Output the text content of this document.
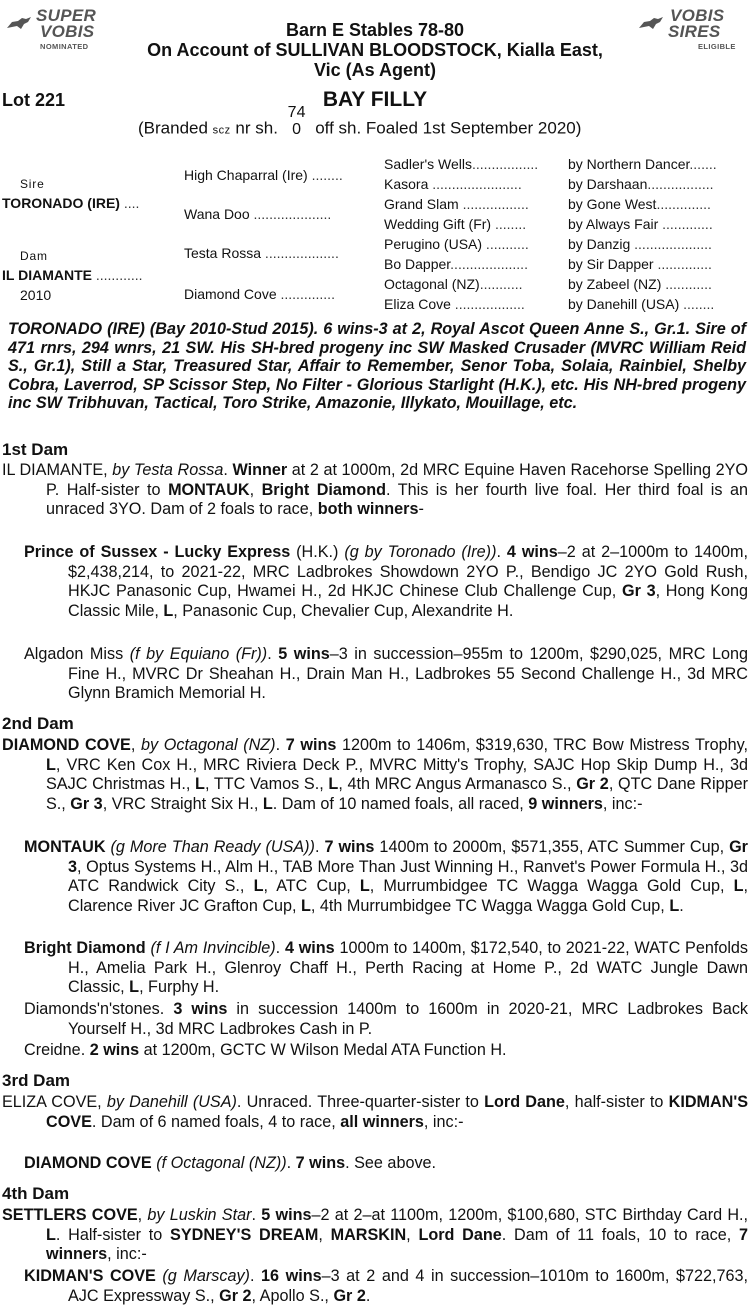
SUPER
VOBIS
NOMINATED
VOBIS
SIRES
ELIGIBLE
Barn E Stables 78-80
On Account of SULLIVAN BLOODSTOCK, Kialla East,
Vic (As Agent)
Lot 221	BAY FILLY
(Branded scz nr sh.
74
0 off sh. Foaled 1st September 2020)
Sire
TORONADO (IRE) ....
Dam
IL DIAMANTE ............
2010
High Chaparral (Ire) ........
Wana Doo ....................
Testa Rossa ...................
Diamond Cove ..............
Sadler's Wells.................
Kasora .......................
Grand Slam .................
Wedding Gift (Fr) ........
Perugino (USA) ...........
Bo Dapper....................
Octagonal (NZ)...........
Eliza Cove ..................
by Northern Dancer.......
by Darshaan.................
by Gone West..............
by Always Fair .............
by Danzig ....................
by Sir Dapper ..............
by Zabeel (NZ) ............
by Danehill (USA) ........
TORONADO (IRE) (Bay 2010-Stud 2015). 6 wins-3 at 2, Royal Ascot Queen Anne S., Gr.1. Sire of 471 rnrs, 294 wnrs, 21 SW. His SH-bred progeny inc SW Masked Crusader (MVRC William Reid S., Gr.1), Still a Star, Treasured Star, Affair to Remember, Senor Toba, Solaia, Rainbiel, Shelby Cobra, Laverrod, SP Scissor Step, No Filter - Glorious Starlight (H.K.), etc. His NH-bred progeny inc SW Tribhuvan, Tactical, Toro Strike, Amazonie, Illykato, Mouillage, etc.
1st Dam
IL DIAMANTE, by Testa Rossa. Winner at 2 at 1000m, 2d MRC Equine Haven Racehorse Spelling 2YO P. Half-sister to MONTAUK, Bright Diamond. This is her fourth live foal. Her third foal is an unraced 3YO. Dam of 2 foals to race, both winners-
Prince of Sussex - Lucky Express (H.K.) (g by Toronado (Ire)). 4 wins–2 at 2–1000m to 1400m, $2,438,214, to 2021-22, MRC Ladbrokes Showdown 2YO P., Bendigo JC 2YO Gold Rush, HKJC Panasonic Cup, Hwamei H., 2d HKJC Chinese Club Challenge Cup, Gr 3, Hong Kong Classic Mile, L, Panasonic Cup, Chevalier Cup, Alexandrite H.
Algadon Miss (f by Equiano (Fr)). 5 wins–3 in succession–955m to 1200m, $290,025, MRC Long Fine H., MVRC Dr Sheahan H., Drain Man H., Ladbrokes 55 Second Challenge H., 3d MRC Glynn Bramich Memorial H.
2nd Dam
DIAMOND COVE, by Octagonal (NZ). 7 wins 1200m to 1406m, $319,630, TRC Bow Mistress Trophy, L, VRC Ken Cox H., MRC Riviera Deck P., MVRC Mitty's Trophy, SAJC Hop Skip Dump H., 3d SAJC Christmas H., L, TTC Vamos S., L, 4th MRC Angus Armanasco S., Gr 2, QTC Dane Ripper S., Gr 3, VRC Straight Six H., L. Dam of 10 named foals, all raced, 9 winners, inc:-
MONTAUK (g More Than Ready (USA)). 7 wins 1400m to 2000m, $571,355, ATC Summer Cup, Gr 3, Optus Systems H., Alm H., TAB More Than Just Winning H., Ranvet's Power Formula H., 3d ATC Randwick City S., L, ATC Cup, L, Murrumbidgee TC Wagga Wagga Gold Cup, L, Clarence River JC Grafton Cup, L, 4th Murrumbidgee TC Wagga Wagga Gold Cup, L.
Bright Diamond (f I Am Invincible). 4 wins 1000m to 1400m, $172,540, to 2021-22, WATC Penfolds H., Amelia Park H., Glenroy Chaff H., Perth Racing at Home P., 2d WATC Jungle Dawn Classic, L, Furphy H.
Diamonds'n'stones. 3 wins in succession 1400m to 1600m in 2020-21, MRC Ladbrokes Back Yourself H., 3d MRC Ladbrokes Cash in P.
Creidne. 2 wins at 1200m, GCTC W Wilson Medal ATA Function H.
3rd Dam
ELIZA COVE, by Danehill (USA). Unraced. Three-quarter-sister to Lord Dane, half-sister to KIDMAN'S COVE. Dam of 6 named foals, 4 to race, all winners, inc:-
DIAMOND COVE (f Octagonal (NZ)). 7 wins. See above.
4th Dam
SETTLERS COVE, by Luskin Star. 5 wins–2 at 2–at 1100m, 1200m, $100,680, STC Birthday Card H., L. Half-sister to SYDNEY'S DREAM, MARSKIN, Lord Dane. Dam of 11 foals, 10 to race, 7 winners, inc:-
KIDMAN'S COVE (g Marscay). 16 wins–3 at 2 and 4 in succession–1010m to 1600m, $722,763, AJC Expressway S., Gr 2, Apollo S., Gr 2.
